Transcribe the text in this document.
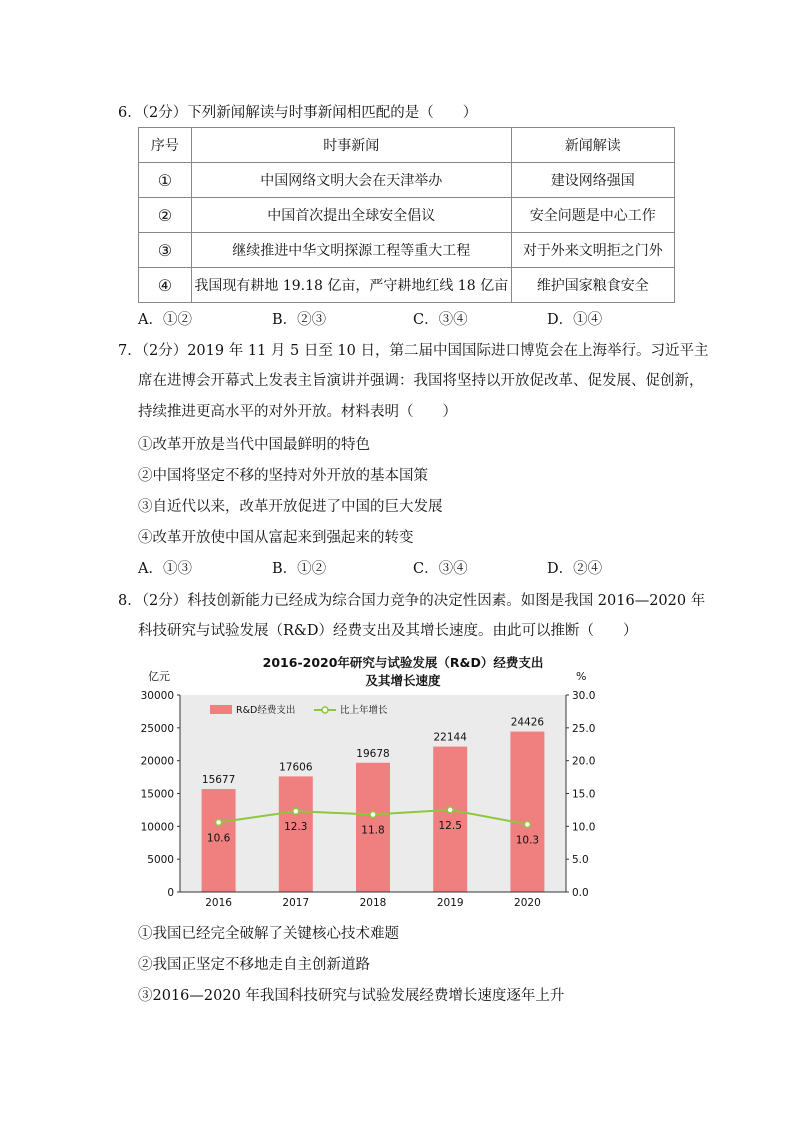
6．（2分）下列新闻解读与时事新闻相匹配的是（　　）
序号	时事新闻	新闻解读
①	中国网络文明大会在天津举办	建设网络强国
②	中国首次提出全球安全倡议	安全问题是中心工作
③	继续推进中华文明探源工程等重大工程	对于外来文明拒之门外
④	我国现有耕地 19.18 亿亩，严守耕地红线 18 亿亩	维护国家粮食安全
A．①②	B．②③	C．③④	D．①④
7．（2分）2019 年 11 月 5 日至 10 日，第二届中国国际进口博览会在上海举行。习近平主
席在进博会开幕式上发表主旨演讲并强调：我国将坚持以开放促改革、促发展、促创新，
持续推进更高水平的对外开放。材料表明（　　）
①改革开放是当代中国最鲜明的特色
②中国将坚定不移的坚持对外开放的基本国策
③自近代以来，改革开放促进了中国的巨大发展
④改革开放使中国从富起来到强起来的转变
A．①③	B．①②	C．③④	D．②④
8．（2分）科技创新能力已经成为综合国力竞争的决定性因素。如图是我国 2016—2020 年
科技研究与试验发展（R&D）经费支出及其增长速度。由此可以推断（　　）
2016-2020年研究与试验发展（R&D）经费支出
及其增长速度
亿元	%
0
5000
10000
15000
20000
25000
30000
0.0
5.0
10.0
15.0
20.0
25.0
30.0
15677
2016
17606
2017
19678
2018
22144
2019
24426
2020
10.6
12.3	11.8	12.5
10.3
R&D经费支出	比上年增长
①我国已经完全破解了关键核心技术难题
②我国正坚定不移地走自主创新道路
③2016—2020 年我国科技研究与试验发展经费增长速度逐年上升
